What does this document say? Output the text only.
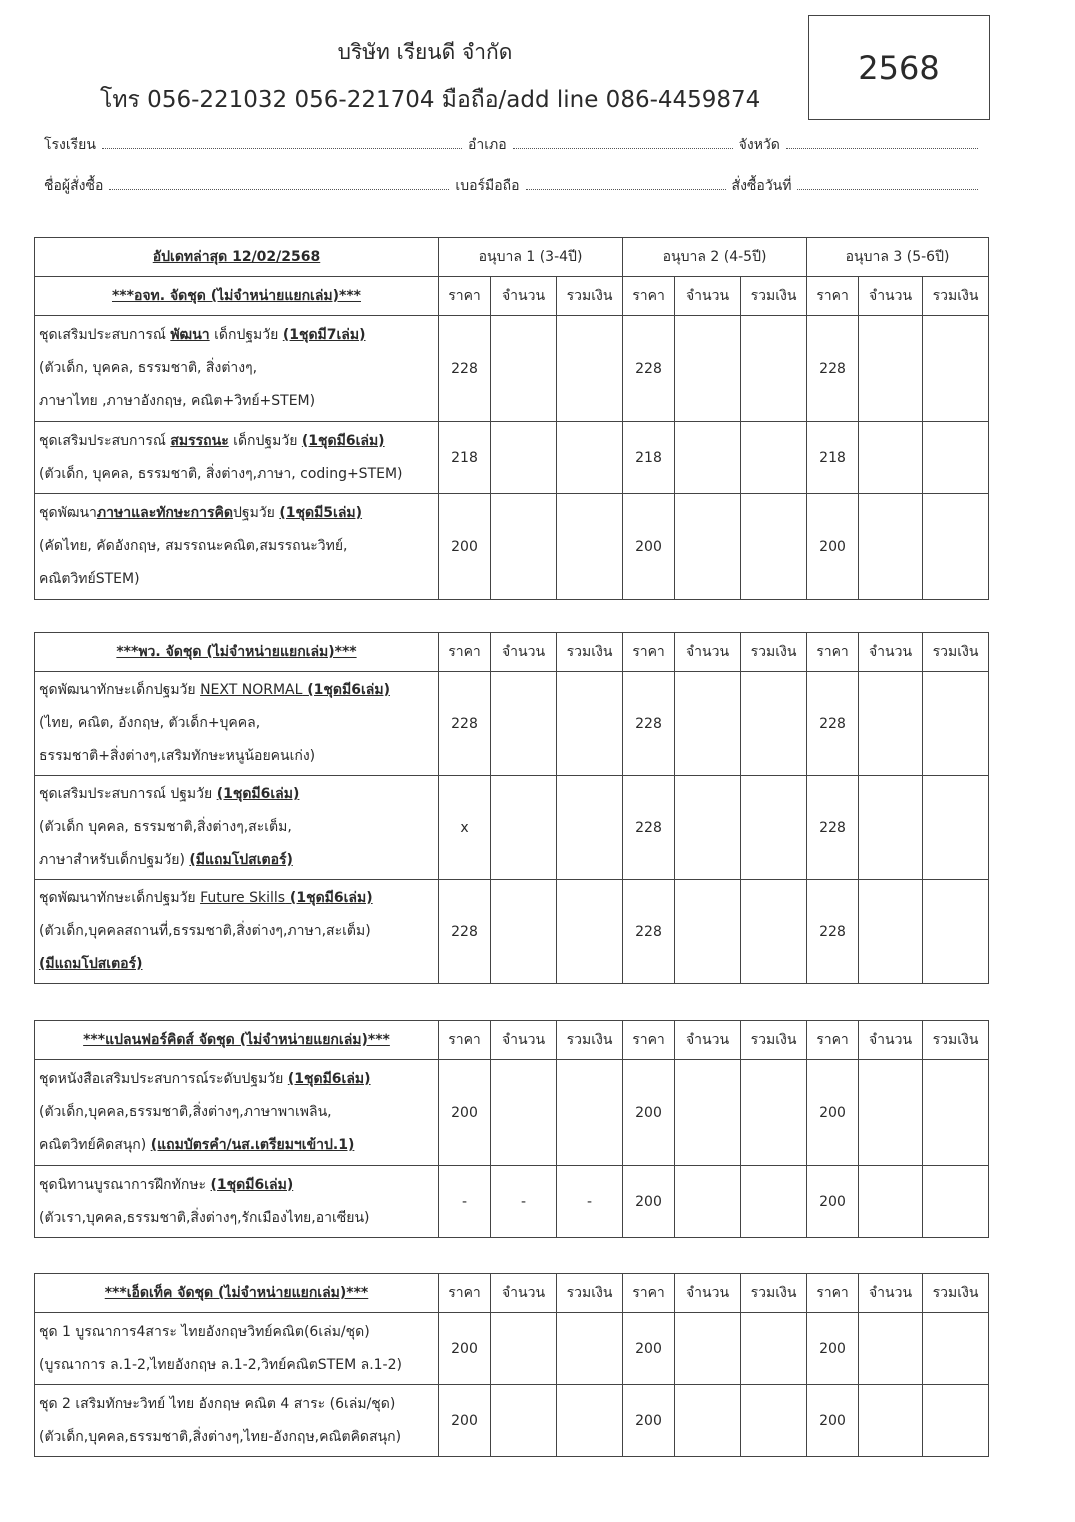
บริษัท เรียนดี จำกัด
โทร 056-221032 056-221704 มือถือ/add line 086-4459874
2568
โรงเรียน	อำเภอ	จังหวัด
ชื่อผู้สั่งซื้อ	เบอร์มือถือ	สั่งซื้อวันที่
อัปเดทล่าสุด 12/02/2568	อนุบาล 1 (3-4ปี)			อนุบาล 2 (4-5ปี)			อนุบาล 3 (5-6ปี)		
***อจท. จัดชุด (ไม่จำหน่ายแยกเล่ม)***	ราคา	จำนวน	รวมเงิน	ราคา	จำนวน	รวมเงิน	ราคา	จำนวน	รวมเงิน
ชุดเสริมประสบการณ์ พัฒนา เด็กปฐมวัย (1ชุดมี7เล่ม)
(ตัวเด็ก, บุคคล, ธรรมชาติ, สิ่งต่างๆ,
ภาษาไทย ,ภาษาอังกฤษ, คณิต+วิทย์+STEM)	228			228			228		
ชุดเสริมประสบการณ์ สมรรถนะ เด็กปฐมวัย (1ชุดมี6เล่ม)
(ตัวเด็ก, บุคคล, ธรรมชาติ, สิ่งต่างๆ,ภาษา, coding+STEM)	218			218			218		
ชุดพัฒนาภาษาและทักษะการคิดปฐมวัย (1ชุดมี5เล่ม)
(คัดไทย, คัดอังกฤษ, สมรรถนะคณิต,สมรรถนะวิทย์,
คณิตวิทย์STEM)	200			200			200		
***พว. จัดชุด (ไม่จำหน่ายแยกเล่ม)***	ราคา	จำนวน	รวมเงิน	ราคา	จำนวน	รวมเงิน	ราคา	จำนวน	รวมเงิน
ชุดพัฒนาทักษะเด็กปฐมวัย NEXT NORMAL (1ชุดมี6เล่ม)
(ไทย, คณิต, อังกฤษ, ตัวเด็ก+บุคคล,
ธรรมชาติ+สิ่งต่างๆ,เสริมทักษะหนูน้อยคนเก่ง)	228			228			228		
ชุดเสริมประสบการณ์ ปฐมวัย (1ชุดมี6เล่ม)
(ตัวเด็ก บุคคล, ธรรมชาติ,สิ่งต่างๆ,สะเต็ม,
ภาษาสำหรับเด็กปฐมวัย) (มีแถมโปสเตอร์)	x			228			228		
ชุดพัฒนาทักษะเด็กปฐมวัย Future Skills (1ชุดมี6เล่ม)
(ตัวเด็ก,บุคคลสถานที่,ธรรมชาติ,สิ่งต่างๆ,ภาษา,สะเต็ม)
(มีแถมโปสเตอร์)	228			228			228		
***แปลนฟอร์คิดส์ จัดชุด (ไม่จำหน่ายแยกเล่ม)***	ราคา	จำนวน	รวมเงิน	ราคา	จำนวน	รวมเงิน	ราคา	จำนวน	รวมเงิน
ชุดหนังสือเสริมประสบการณ์ระดับปฐมวัย (1ชุดมี6เล่ม)
(ตัวเด็ก,บุคคล,ธรรมชาติ,สิ่งต่างๆ,ภาษาพาเพลิน,
คณิตวิทย์คิดสนุก) (แถมบัตรคำ/นส.เตรียมฯเข้าป.1)	200			200			200		
ชุดนิทานบูรณาการฝึกทักษะ (1ชุดมี6เล่ม)
(ตัวเรา,บุคคล,ธรรมชาติ,สิ่งต่างๆ,รักเมืองไทย,อาเซียน)	-	-	-	200			200		
***เอ็ดเท็ค จัดชุด (ไม่จำหน่ายแยกเล่ม)***	ราคา	จำนวน	รวมเงิน	ราคา	จำนวน	รวมเงิน	ราคา	จำนวน	รวมเงิน
ชุด 1 บูรณาการ4สาระ ไทยอังกฤษวิทย์คณิต(6เล่ม/ชุด)
(บูรณาการ ล.1-2,ไทยอังกฤษ ล.1-2,วิทย์คณิตSTEM ล.1-2)	200			200			200		
ชุด 2 เสริมทักษะวิทย์ ไทย อังกฤษ คณิต 4 สาระ (6เล่ม/ชุด)
(ตัวเด็ก,บุคคล,ธรรมชาติ,สิ่งต่างๆ,ไทย-อังกฤษ,คณิตคิดสนุก)	200			200			200		
